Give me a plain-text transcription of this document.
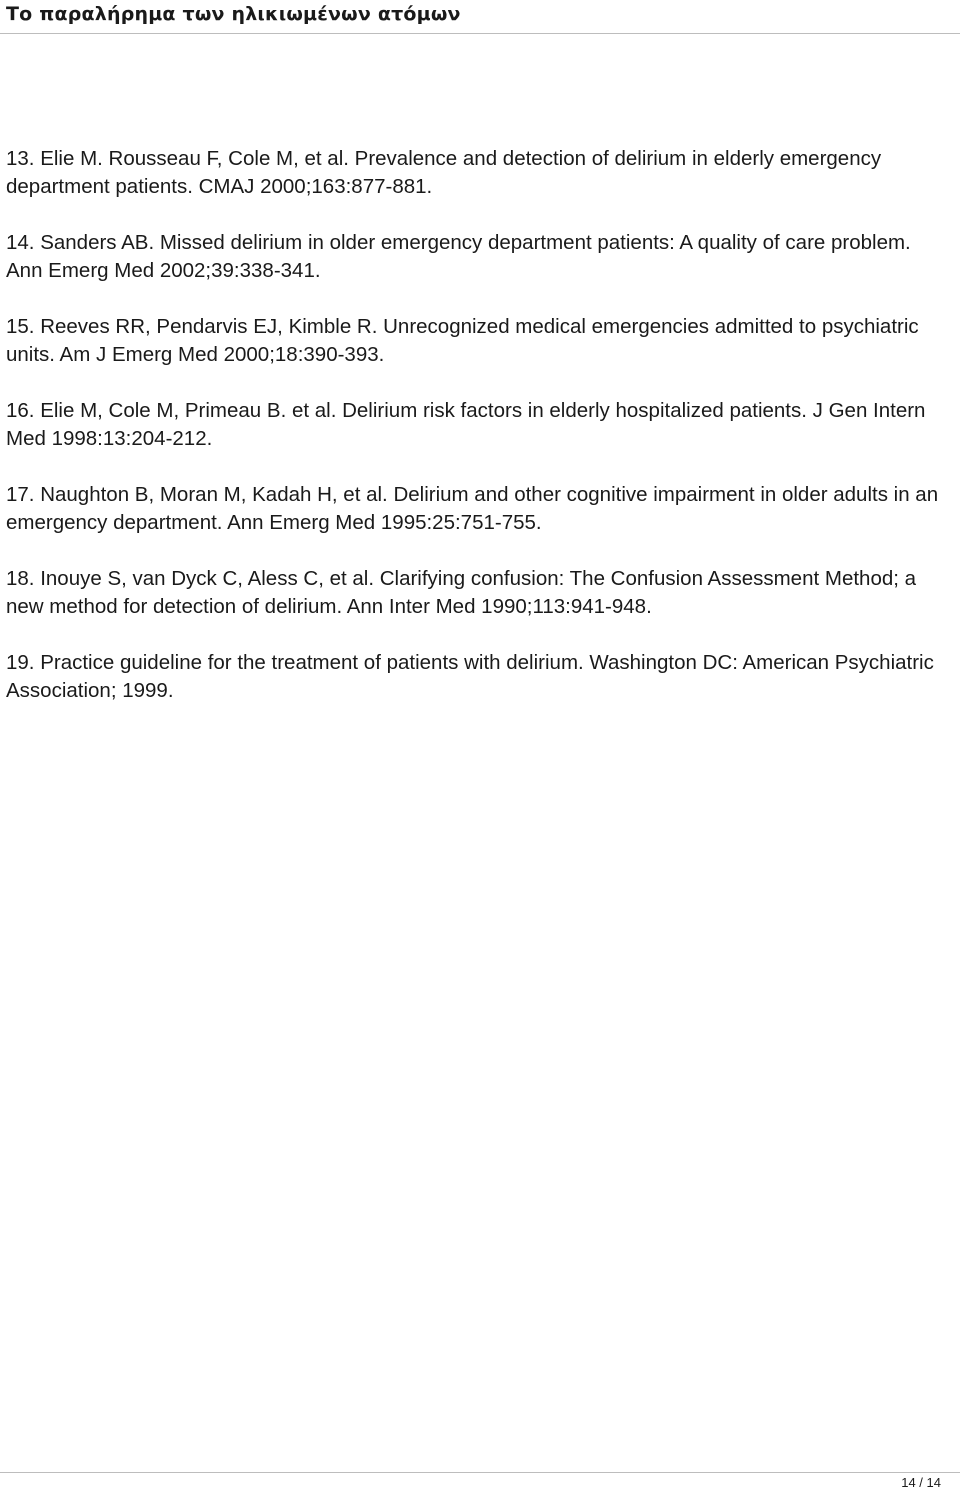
Το παραλήρημα των ηλικιωμένων ατόμων
13. Elie M. Rousseau F, Cole M, et al. Prevalence and detection of delirium in elderly emergency department patients. CMAJ 2000;163:877-881.
14. Sanders AB. Missed delirium in older emergency department patients: A quality of care problem. Ann Emerg Med 2002;39:338-341.
15. Reeves RR, Pendarvis EJ, Kimble R. Unrecognized medical emergencies admitted to psychiatric units. Am J Emerg Med 2000;18:390-393.
16. Elie M, Cole M, Primeau B. et al. Delirium risk factors in elderly hospitalized patients. J Gen Intern Med 1998:13:204-212.
17. Naughton B, Moran M, Kadah H, et al. Delirium and other cognitive impairment in older adults in an emergency department. Ann Emerg Med 1995:25:751-755.
18. Inouye S, van Dyck C, Aless C, et al. Clarifying confusion: The Confusion Assessment Method; a new method for detection of delirium. Ann Inter Med 1990;113:941-948.
19. Practice guideline for the treatment of patients with delirium. Washington DC: American Psychiatric Association; 1999.
14 / 14
